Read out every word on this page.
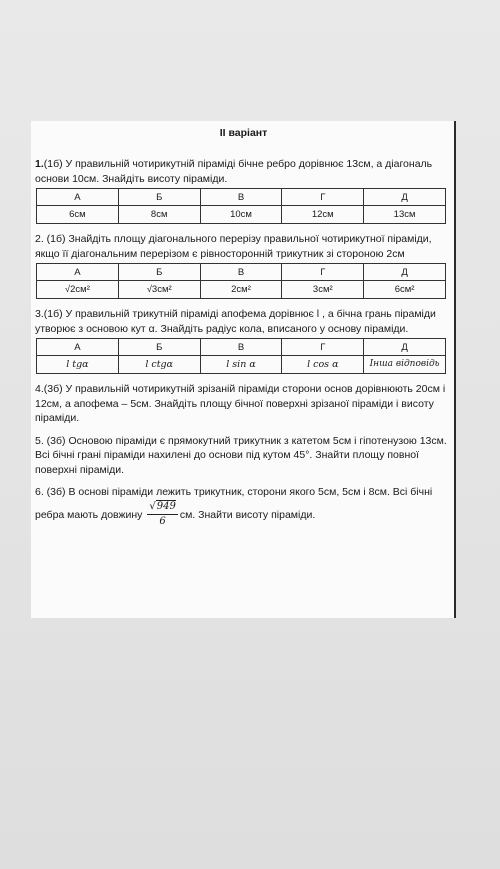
II варіант
1.(1б) У правильній чотирикутній піраміді бічне ребро дорівнює 13см, а діагональ основи 10см. Знайдіть висоту піраміди.
А	Б	В	Г	Д
6см	8см	10см	12см	13см
2. (1б) Знайдіть площу діагонального перерізу правильної чотирикутної піраміди, якщо її діагональним перерізом є рівносторонній трикутник зі стороною 2см
А	Б	В	Г	Д
√2см²	√3см²	2см²	3см²	6см²
3.(1б) У правильній трикутній піраміді апофема дорівнює l , а бічна грань піраміди утворює з основою кут α. Знайдіть радіус кола, вписаного у основу піраміди.
А	Б	В	Г	Д
l tgα	l ctgα	l sin α	l cos α	Інша відповідь
4.(3б) У правильній чотирикутній зрізаній піраміди сторони основ дорівнюють 20см і 12см, а апофема – 5см. Знайдіть площу бічної поверхні зрізаної піраміди і висоту піраміди.
5. (3б) Основою піраміди є прямокутний трикутник з катетом 5см і гіпотенузою 13см. Всі бічні грані піраміди нахилені до основи під кутом 45°. Знайти площу повної поверхні піраміди.
6. (3б) В основі піраміди лежить трикутник, сторони якого 5см, 5см і 8см. Всі бічні ребра мають довжину $\frac{√949}{6}$ см. Знайти висоту піраміди.
